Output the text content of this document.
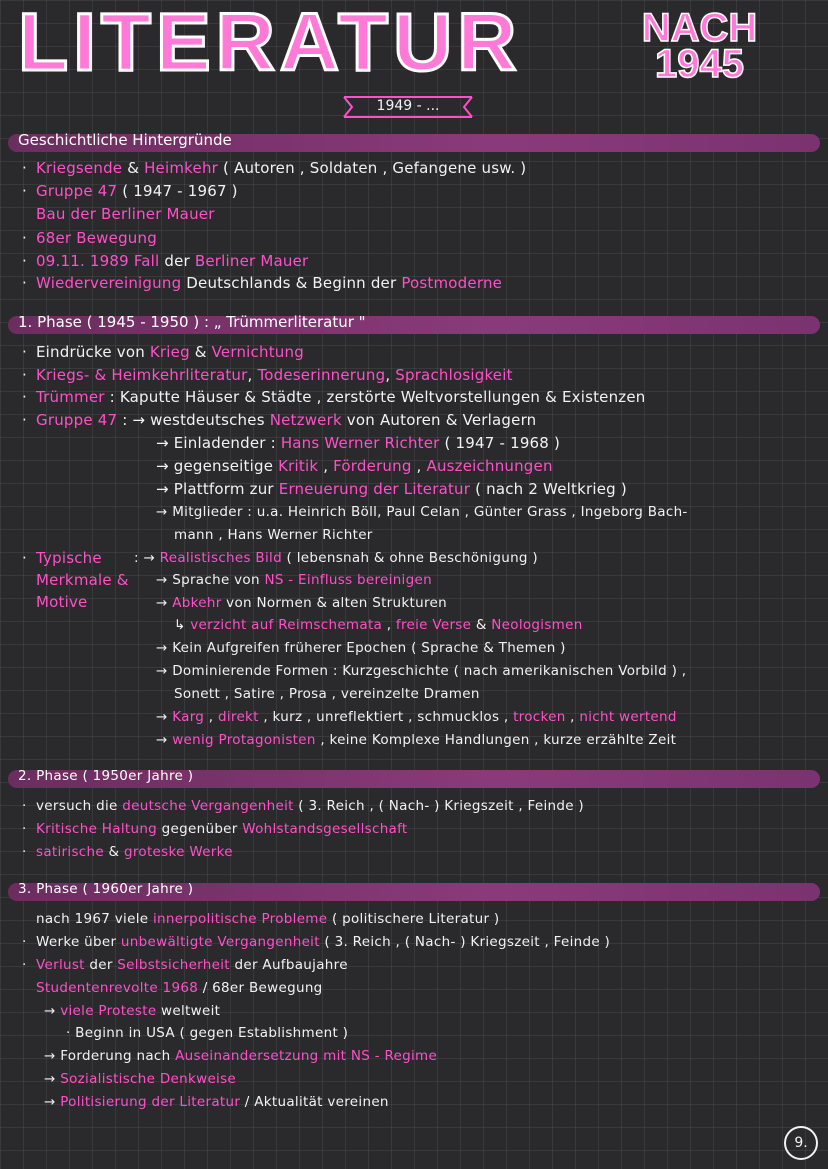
LITERATUR	NACH
1945
1949 - ...
Geschichtliche Hintergründe
· Kriegsende & Heimkehr ( Autoren , Soldaten , Gefangene usw. )
· Gruppe 47 ( 1947 - 1967 )
Bau der Berliner Mauer
· 68er Bewegung
· 09.11. 1989 Fall der Berliner Mauer
· Wiedervereinigung Deutschlands & Beginn der Postmoderne
1. Phase ( 1945 - 1950 ) : „ Trümmerliteratur "
· Eindrücke von Krieg & Vernichtung
· Kriegs- & Heimkehrliteratur, Todeserinnerung, Sprachlosigkeit
· Trümmer : Kaputte Häuser & Städte , zerstörte Weltvorstellungen & Existenzen
· Gruppe 47 : → westdeutsches Netzwerk von Autoren & Verlagern
→ Einladender : Hans Werner Richter ( 1947 - 1968 )
→ gegenseitige Kritik , Förderung , Auszeichnungen
→ Plattform zur Erneuerung der Literatur ( nach 2 Weltkrieg )
→ Mitglieder : u.a. Heinrich Böll, Paul Celan , Günter Grass , Ingeborg Bach-
mann , Hans Werner Richter
· Typische
Merkmale &
Motive
: → Realistisches Bild ( lebensnah & ohne Beschönigung )
→ Sprache von NS - Einfluss bereinigen
→ Abkehr von Normen & alten Strukturen
↳ verzicht auf Reimschemata , freie Verse & Neologismen
→ Kein Aufgreifen früherer Epochen ( Sprache & Themen )
→ Dominierende Formen : Kurzgeschichte ( nach amerikanischen Vorbild ) ,
Sonett , Satire , Prosa , vereinzelte Dramen
→ Karg , direkt , kurz , unreflektiert , schmucklos , trocken , nicht wertend
→ wenig Protagonisten , keine Komplexe Handlungen , kurze erzählte Zeit
2. Phase ( 1950er Jahre )
· versuch die deutsche Vergangenheit ( 3. Reich , ( Nach- ) Kriegszeit , Feinde )
· Kritische Haltung gegenüber Wohlstandsgesellschaft
· satirische & groteske Werke
3. Phase ( 1960er Jahre )
nach 1967 viele innerpolitische Probleme ( politischere Literatur )
· Werke über unbewältigte Vergangenheit ( 3. Reich , ( Nach- ) Kriegszeit , Feinde )
· Verlust der Selbstsicherheit der Aufbaujahre
Studentenrevolte 1968 / 68er Bewegung
→ viele Proteste weltweit
· Beginn in USA ( gegen Establishment )
→ Forderung nach Auseinandersetzung mit NS - Regime
→ Sozialistische Denkweise
→ Politisierung der Literatur / Aktualität vereinen
9.
